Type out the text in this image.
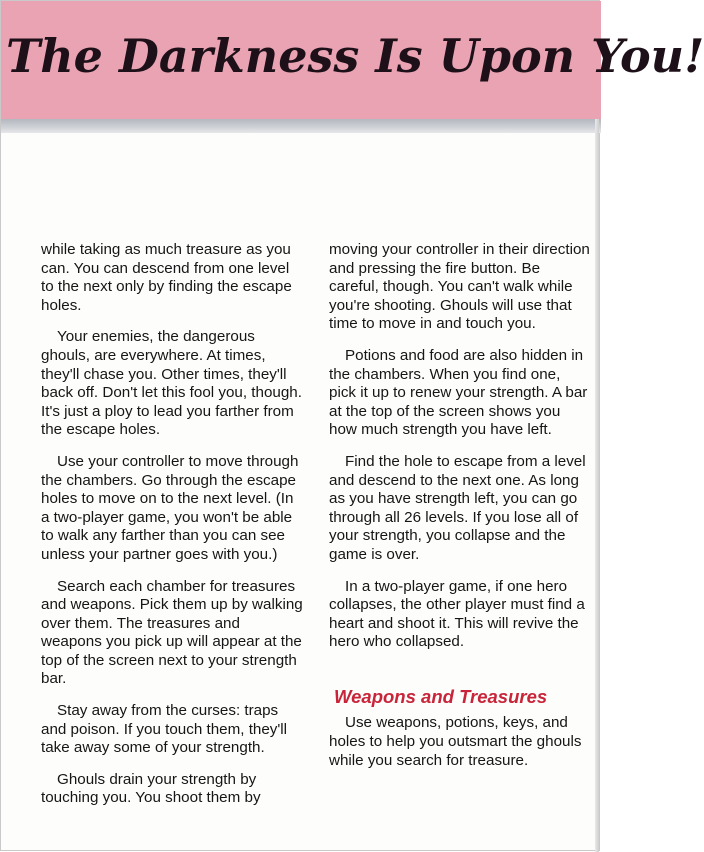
The Darkness Is Upon You!

while taking as much treasure as you can. You can descend from one level to the next only by finding the escape holes.

Your enemies, the dangerous ghouls, are everywhere. At times, they'll chase you. Other times, they'll back off. Don't let this fool you, though. It's just a ploy to lead you farther from the escape holes.

Use your controller to move through the chambers. Go through the escape holes to move on to the next level. (In a two-player game, you won't be able to walk any farther than you can see unless your partner goes with you.)

Search each chamber for treasures and weapons. Pick them up by walking over them. The treasures and weapons you pick up will appear at the top of the screen next to your strength bar.

Stay away from the curses: traps and poison. If you touch them, they'll take away some of your strength.

Ghouls drain your strength by touching you. You shoot them by

moving your controller in their direction and pressing the fire button. Be careful, though. You can't walk while you're shooting. Ghouls will use that time to move in and touch you.

Potions and food are also hidden in the chambers. When you find one, pick it up to renew your strength. A bar at the top of the screen shows you how much strength you have left.

Find the hole to escape from a level and descend to the next one. As long as you have strength left, you can go through all 26 levels. If you lose all of your strength, you collapse and the game is over.

In a two-player game, if one hero collapses, the other player must find a heart and shoot it. This will revive the hero who collapsed.

Weapons and Treasures

Use weapons, potions, keys, and holes to help you outsmart the ghouls while you search for treasure.
